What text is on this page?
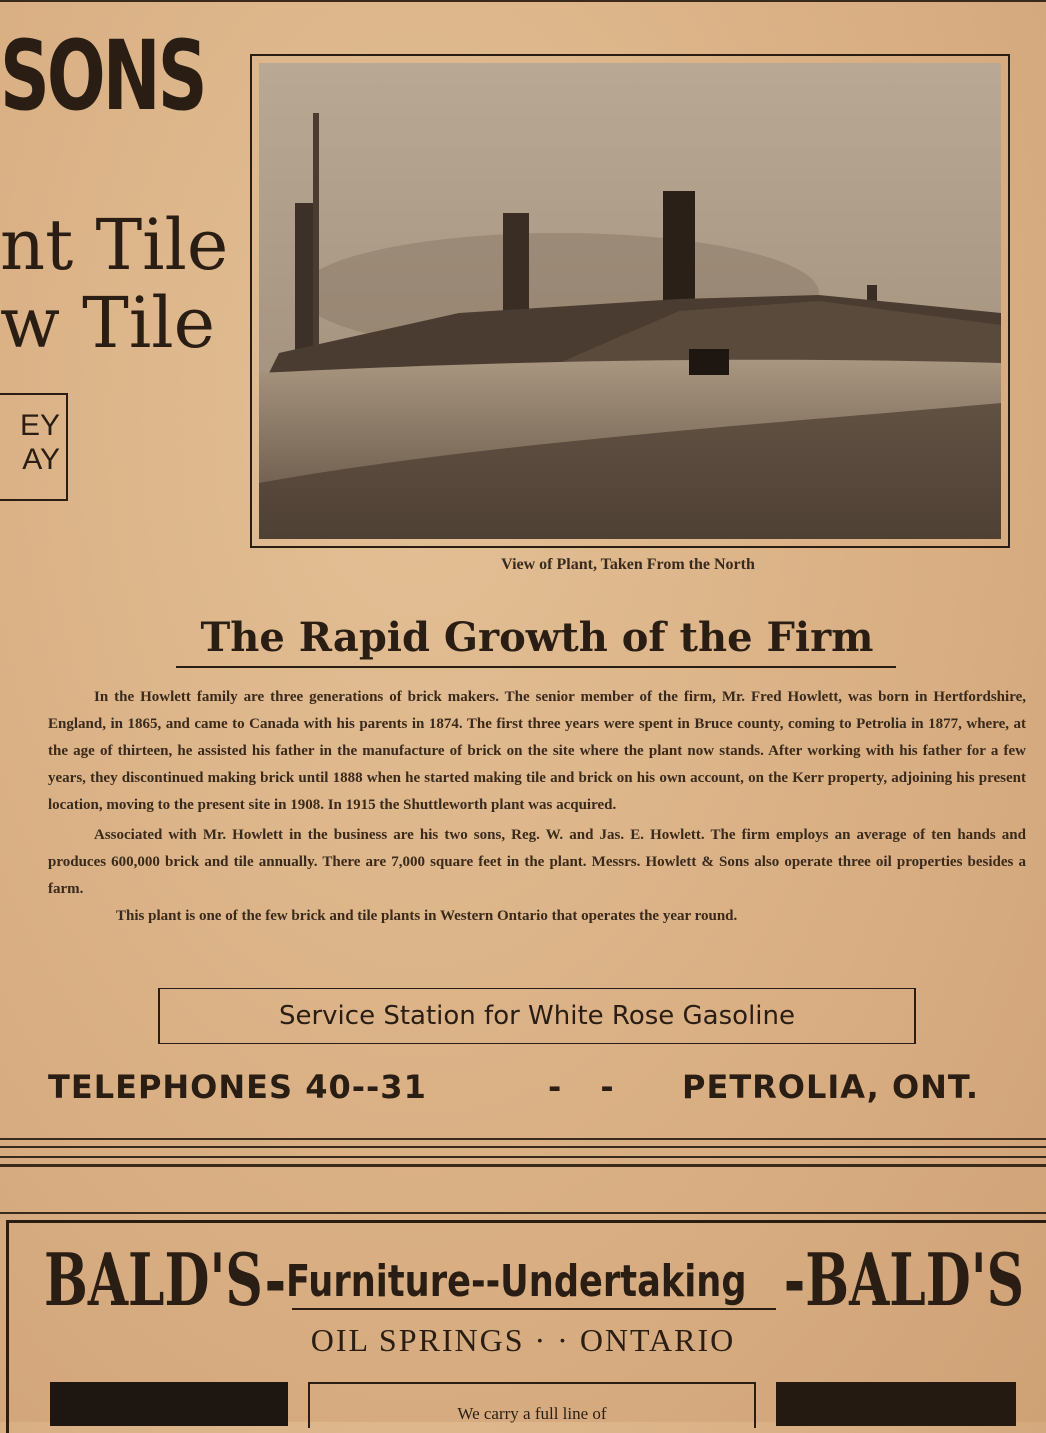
SONS
nt Tile
w Tile
EY
AY
View of Plant, Taken From the North
The Rapid Growth of the Firm

In the Howlett family are three generations of brick makers. The senior member of the firm, Mr. Fred Howlett, was born in Hertfordshire, England, in 1865, and came to Canada with his parents in 1874. The first three years were spent in Bruce county, coming to Petrolia in 1877, where, at the age of thirteen, he assisted his father in the manufacture of brick on the site where the plant now stands. After working with his father for a few years, they discontinued making brick until 1888 when he started making tile and brick on his own account, on the Kerr property, adjoining his present location, moving to the present site in 1908. In 1915 the Shuttleworth plant was acquired.

Associated with Mr. Howlett in the business are his two sons, Reg. W. and Jas. E. Howlett. The firm employs an average of ten hands and produces 600,000 brick and tile annually. There are 7,000 square feet in the plant. Messrs. Howlett & Sons also operate three oil properties besides a farm.

This plant is one of the few brick and tile plants in Western Ontario that operates the year round.

Service Station for White Rose Gasoline
TELEPHONES 40--31	- - PETROLIA, ONT.
BALD'S- Furniture--Undertaking -BALD'S
OIL SPRINGS · · ONTARIO
We carry a full line of
